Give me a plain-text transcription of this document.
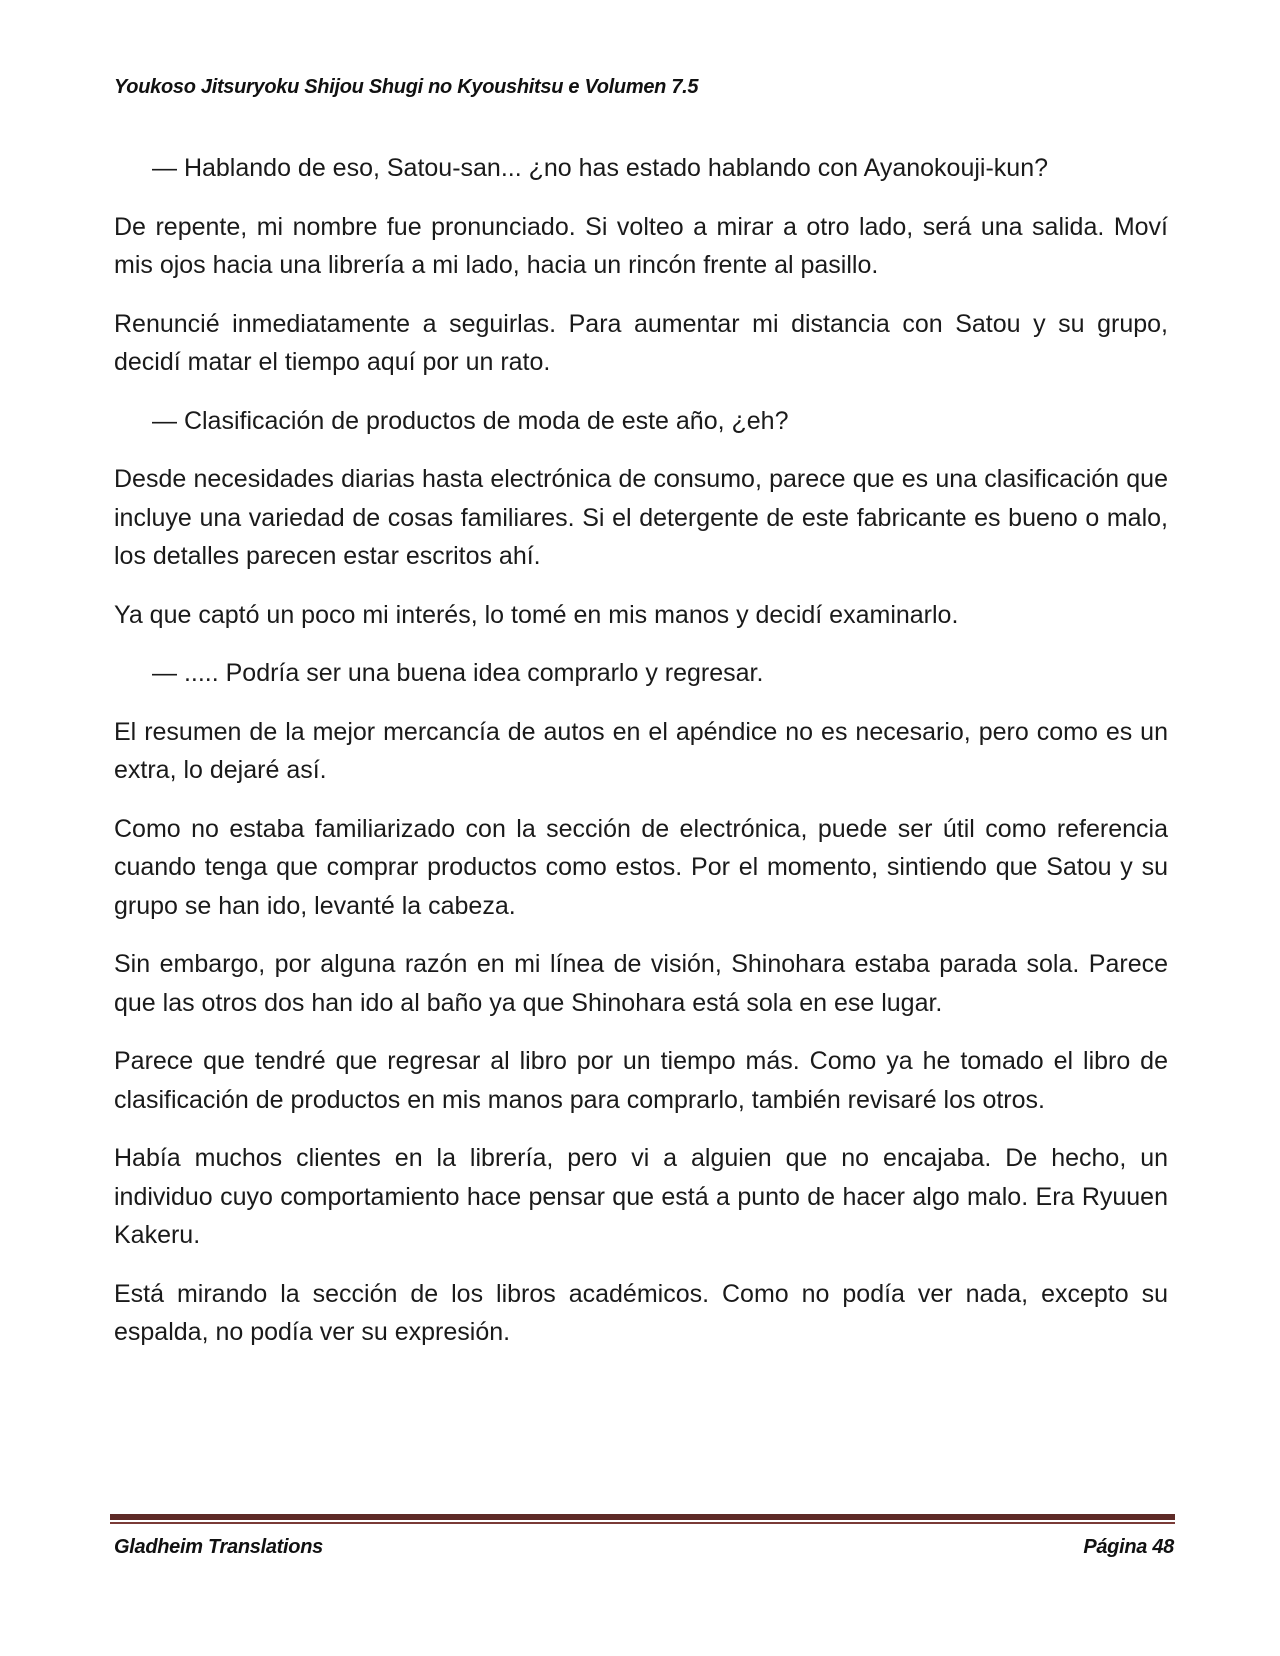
Youkoso Jitsuryoku Shijou Shugi no Kyoushitsu e Volumen 7.5

— Hablando de eso, Satou-san... ¿no has estado hablando con Ayanokouji-kun?

De repente, mi nombre fue pronunciado. Si volteo a mirar a otro lado, será una salida. Moví mis ojos hacia una librería a mi lado, hacia un rincón frente al pasillo.

Renuncié inmediatamente a seguirlas. Para aumentar mi distancia con Satou y su grupo, decidí matar el tiempo aquí por un rato.

— Clasificación de productos de moda de este año, ¿eh?

Desde necesidades diarias hasta electrónica de consumo, parece que es una clasificación que incluye una variedad de cosas familiares. Si el detergente de este fabricante es bueno o malo, los detalles parecen estar escritos ahí.

Ya que captó un poco mi interés, lo tomé en mis manos y decidí examinarlo.

— ..... Podría ser una buena idea comprarlo y regresar.

El resumen de la mejor mercancía de autos en el apéndice no es necesario, pero como es un extra, lo dejaré así.

Como no estaba familiarizado con la sección de electrónica, puede ser útil como referencia cuando tenga que comprar productos como estos. Por el momento, sintiendo que Satou y su grupo se han ido, levanté la cabeza.

Sin embargo, por alguna razón en mi línea de visión, Shinohara estaba parada sola. Parece que las otros dos han ido al baño ya que Shinohara está sola en ese lugar.

Parece que tendré que regresar al libro por un tiempo más. Como ya he tomado el libro de clasificación de productos en mis manos para comprarlo, también revisaré los otros.

Había muchos clientes en la librería, pero vi a alguien que no encajaba. De hecho, un individuo cuyo comportamiento hace pensar que está a punto de hacer algo malo. Era Ryuuen Kakeru.

Está mirando la sección de los libros académicos. Como no podía ver nada, excepto su espalda, no podía ver su expresión.

Gladheim Translations	Página 48
